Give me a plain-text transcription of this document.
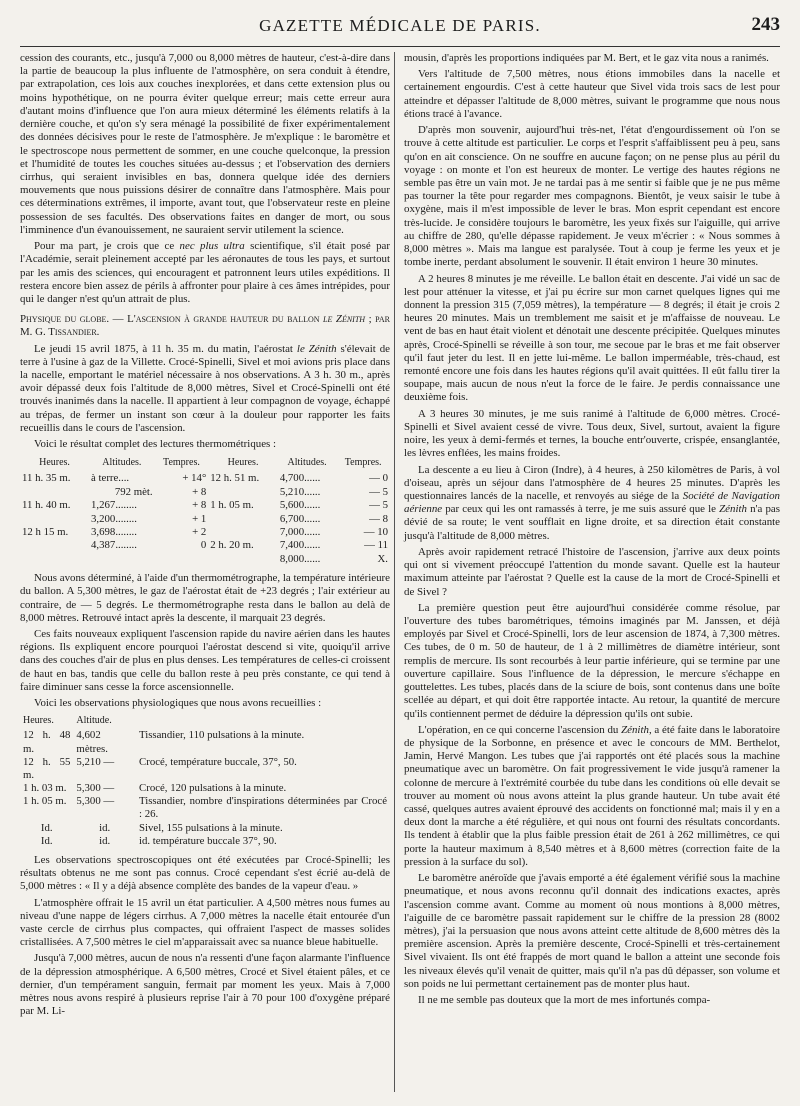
GAZETTE MÉDICALE DE PARIS.	243

cession des courants, etc., jusqu'à 7,000 ou 8,000 mètres de hauteur, c'est-à-dire dans la partie de beaucoup la plus influente de l'atmosphère, on sera conduit à étendre, par extrapolation, ces lois aux couches inexplorées, et dans cette extension plus ou moins hypothétique, on ne pourra éviter quelque erreur; mais cette erreur aura d'autant moins d'influence que l'on aura mieux déterminé les éléments relatifs à la dernière couche, et qu'on s'y sera ménagé la possibilité de fixer expérimentalement des données décisives pour le reste de l'atmosphère. Je m'explique : le baromètre et le spectroscope nous permettent de sommer, en une couche quelconque, la pression et l'humidité de toutes les couches situées au-dessus ; et l'observation des derniers cirrhus, qui seraient invisibles en bas, donnera quelque idée des derniers mouvements que nous puissions désirer de connaître dans l'atmosphère. Mais pour ces déterminations extrêmes, il importe, avant tout, que l'observateur reste en pleine possession de ses facultés. Des observations faites en danger de mort, ou sous l'imminence d'un évanouissement, ne sauraient servir utilement la science.

Pour ma part, je crois que ce nec plus ultra scientifique, s'il était posé par l'Académie, serait pleinement accepté par les aéronautes de tous les pays, et surtout par les amis des sciences, qui encouragent et patronnent leurs utiles expéditions. Il restera encore bien assez de périls à affronter pour plaire à ces âmes intrépides, pour qui le danger n'est qu'un attrait de plus.

Physique du globe. — L'ascension à grande hauteur du ballon le Zénith ; par M. G. Tissandier.

Le jeudi 15 avril 1875, à 11 h. 35 m. du matin, l'aérostat le Zénith s'élevait de terre à l'usine à gaz de la Villette. Crocé-Spinelli, Sivel et moi avions pris place dans la nacelle, emportant le matériel nécessaire à nos observations. A 3 h. 30 m., après avoir dépassé deux fois l'altitude de 8,000 mètres, Sivel et Crocé-Spinelli ont été trouvés inanimés dans la nacelle. Il appartient à leur compagnon de voyage, échappé au trépas, de fermer un instant son cœur à la douleur pour rapporter les faits recueillis dans le cours de l'ascension.

Voici le résultat complet des lectures thermométriques :

Heures.	Altitudes.	Tempres.	Heures.	Altitudes.	Tempres.
11 h. 35 m.	à terre....	+ 14°	12 h. 51 m.	4,700......	— 0
	792 mèt.	+ 8		5,210......	— 5
11 h. 40 m.	1,267........	+ 8	1 h. 05 m.	5,600......	— 5
	3,200........	+ 1		6,700......	— 8
12 h 15 m.	3,698........	+ 2		7,000......	— 10
	4,387........	0	2 h. 20 m.	7,400......	— 11
				8,000......	X.

Nous avons déterminé, à l'aide d'un thermométrographe, la température intérieure du ballon. A 5,300 mètres, le gaz de l'aérostat était de +23 degrés ; l'air extérieur au contraire, de — 5 degrés. Le thermométrographe resta dans le ballon au delà de 8,000 mètres. Retrouvé intact après la descente, il marquait 23 degrés.

Ces faits nouveaux expliquent l'ascension rapide du navire aérien dans les hautes régions. Ils expliquent encore pourquoi l'aérostat descend si vite, quoiqu'il arrive dans des couches d'air de plus en plus denses. Les températures de celles-ci croissent de haut en bas, tandis que celle du ballon reste à peu près constante, ce qui tend à faire diminuer sans cesse la force ascensionnelle.

Voici les observations physiologiques que nous avons recueillies :

Heures.	Altitude.	
12 h. 48 m.	4,602 mètres.	Tissandier, 110 pulsations à la minute.
12 h. 55 m.	5,210 —	Crocé, température buccale, 37°, 50.
1 h. 03 m.	5,300 —	Crocé, 120 pulsations à la minute.
1 h. 05 m.	5,300 —	Tissandier, nombre d'inspirations déterminées par Crocé : 26.
Id.	id.	Sivel, 155 pulsations à la minute.
Id.	id.	id. température buccale 37°, 90.

Les observations spectroscopiques ont été exécutées par Crocé-Spinelli; les résultats obtenus ne me sont pas connus. Crocé cependant s'est écrié au-delà de 5,000 mètres : « Il y a déjà absence complète des bandes de la vapeur d'eau. »

L'atmosphère offrait le 15 avril un état particulier. A 4,500 mètres nous fumes au niveau d'une nappe de légers cirrhus. A 7,000 mètres la nacelle était entourée d'un vaste cercle de cirrhus plus compactes, qui offraient l'aspect de masses solides cristallisées. A 7,500 mètres le ciel m'apparaissait avec sa nuance bleue habituelle.

Jusqu'à 7,000 mètres, aucun de nous n'a ressenti d'une façon alarmante l'influence de la dépression atmosphérique. A 6,500 mètres, Crocé et Sivel étaient pâles, et ce dernier, d'un tempérament sanguin, fermait par moment les yeux. Mais à 7,000 mètres nous avons respiré à plusieurs reprise l'air à 70 pour 100 d'oxygène préparé par M. Li-

mousin, d'après les proportions indiquées par M. Bert, et le gaz vita nous a ranimés.

Vers l'altitude de 7,500 mètres, nous étions immobiles dans la nacelle et certainement engourdis. C'est à cette hauteur que Sivel vida trois sacs de lest pour atteindre et dépasser l'altitude de 8,000 mètres, suivant le programme que nous nous étions tracé à l'avance.

D'après mon souvenir, aujourd'hui très-net, l'état d'engourdissement où l'on se trouve à cette altitude est particulier. Le corps et l'esprit s'affaiblissent peu à peu, sans qu'on en ait conscience. On ne souffre en aucune façon; on ne pense plus au péril du voyage : on monte et l'on est heureux de monter. Le vertige des hautes régions ne semble pas être un vain mot. Je ne tardai pas à me sentir si faible que je ne pus même pas tourner la tête pour regarder mes compagnons. Bientôt, je veux saisir le tube à oxygène, mais il m'est impossible de lever le bras. Mon esprit cependant est encore très-lucide. Je considère toujours le baromètre, les yeux fixés sur l'aiguille, qui arrive au chiffre de 280, qu'elle dépasse rapidement. Je veux m'écrier : « Nous sommes à 8,000 mètres ». Mais ma langue est paralysée. Tout à coup je ferme les yeux et je tombe inerte, perdant absolument le souvenir. Il était environ 1 heure 30 minutes.

A 2 heures 8 minutes je me réveille. Le ballon était en descente. J'ai vidé un sac de lest pour atténuer la vitesse, et j'ai pu écrire sur mon carnet quelques lignes qui me donnent la pression 315 (7,059 mètres), la température — 8 degrés; il était je crois 2 heures 20 minutes. Mais un tremblement me saisit et je m'affaisse de nouveau. Le vent de bas en haut était violent et dénotait une descente précipitée. Quelques minutes après, Crocé-Spinelli se réveille à son tour, me secoue par le bras et me fait observer qu'il faut jeter du lest. Il en jette lui-même. Le ballon imperméable, très-chaud, est remonté encore une fois dans les hautes régions qu'il avait quittées. Il eût fallu tirer la soupape, mais aucun de nous n'eut la force de le faire. Je perdis connaissance une deuxième fois.

A 3 heures 30 minutes, je me suis ranimé à l'altitude de 6,000 mètres. Crocé-Spinelli et Sivel avaient cessé de vivre. Tous deux, Sivel, surtout, avaient la figure noire, les yeux à demi-fermés et ternes, la bouche entr'ouverte, crispée, ensanglantée, les lèvres enflées, les mains froides.

La descente a eu lieu à Ciron (Indre), à 4 heures, à 250 kilomètres de Paris, à vol d'oiseau, après un séjour dans l'atmosphère de 4 heures 25 minutes. D'après les questionnaires lancés de la nacelle, et renvoyés au siége de la Société de Navigation aérienne par ceux qui les ont ramassés à terre, je me suis assuré que le Zénith n'a pas dévié de sa route; le vent soufflait en ligne droite, et sa direction était constante jusqu'à l'altitude de 8,000 mètres.

Après avoir rapidement retracé l'histoire de l'ascension, j'arrive aux deux points qui ont si vivement préoccupé l'attention du monde savant. Quelle est la hauteur maximum atteinte par l'aérostat ? Quelle est la cause de la mort de Crocé-Spinelli et de Sivel ?

La première question peut être aujourd'hui considérée comme résolue, par l'ouverture des tubes barométriques, témoins imaginés par M. Janssen, et déjà employés par Sivel et Crocé-Spinelli, lors de leur ascension de 1874, à 7,300 mètres. Ces tubes, de 0 m. 50 de hauteur, de 1 à 2 millimètres de diamètre intérieur, sont remplis de mercure. Ils sont recourbés à leur partie inférieure, qui se termine par une ouverture capillaire. Sous l'influence de la dépression, le mercure s'échappe en gouttelettes. Les tubes, placés dans de la sciure de bois, sont contenus dans une boîte scellée au départ, et qui doit être rapportée intacte. Au retour, la quantité de mercure qu'ils contiennent permet de déduire la dépression qu'ils ont subie.

L'opération, en ce qui concerne l'ascension du Zénith, a été faite dans le laboratoire de physique de la Sorbonne, en présence et avec le concours de MM. Berthelot, Jamin, Hervé Mangon. Les tubes que j'ai rapportés ont été placés sous la machine pneumatique avec un baromètre. On fait progressivement le vide jusqu'à ramener la colonne de mercure à l'extrémité courbée du tube dans les conditions où elle devait se trouver au moment où nous avons atteint la plus grande hauteur. Un tube avait été cassé, quelques autres avaient éprouvé des accidents on fonctionné mal; mais il y en a deux dont la marche a été régulière, et qui nous ont fourni des résultats concordants. Ils tendent à établir que la plus faible pression était de 261 à 262 millimètres, ce qui porte la hauteur maximum à 8,540 mètres et à 8,600 mètres (correction faite de la pression à la surface du sol).

Le baromètre anéroïde que j'avais emporté a été également vérifié sous la machine pneumatique, et nous avons reconnu qu'il donnait des indications exactes, après l'ascension comme avant. Comme au moment où nous montions à 8,000 mètres, l'aiguille de ce baromètre passait rapidement sur le chiffre de la pression 28 (8002 mètres), j'ai la persuasion que nous avons atteint cette altitude de 8,600 mètres dès la première ascension. Après la première descente, Crocé-Spinelli et très-certainement Sivel vivaient. Ils ont été frappés de mort quand le ballon a atteint une seconde fois les niveaux élevés qu'il venait de quitter, mais qu'il n'a pas dû dépasser, son volume et son poids ne lui permettant certainement pas de monter plus haut.

Il ne me semble pas douteux que la mort de mes infortunés compa-
